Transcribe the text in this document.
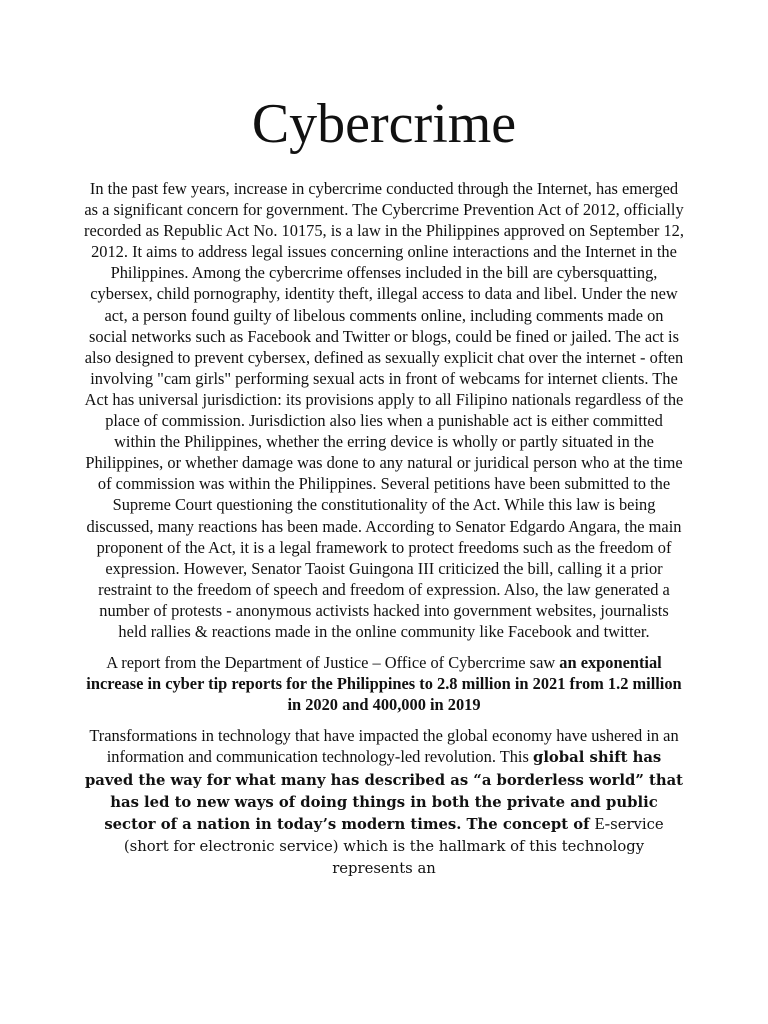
Cybercrime

In the past few years, increase in cybercrime conducted through the Internet, has emerged as a significant concern for government. The Cybercrime Prevention Act of 2012, officially recorded as Republic Act No. 10175, is a law in the Philippines approved on September 12, 2012. It aims to address legal issues concerning online interactions and the Internet in the Philippines. Among the cybercrime offenses included in the bill are cybersquatting, cybersex, child pornography, identity theft, illegal access to data and libel. Under the new act, a person found guilty of libelous comments online, including comments made on social networks such as Facebook and Twitter or blogs, could be fined or jailed. The act is also designed to prevent cybersex, defined as sexually explicit chat over the internet - often involving "cam girls" performing sexual acts in front of webcams for internet clients. The Act has universal jurisdiction: its provisions apply to all Filipino nationals regardless of the place of commission. Jurisdiction also lies when a punishable act is either committed within the Philippines, whether the erring device is wholly or partly situated in the Philippines, or whether damage was done to any natural or juridical person who at the time of commission was within the Philippines. Several petitions have been submitted to the Supreme Court questioning the constitutionality of the Act. While this law is being discussed, many reactions has been made. According to Senator Edgardo Angara, the main proponent of the Act, it is a legal framework to protect freedoms such as the freedom of expression. However, Senator Taoist Guingona III criticized the bill, calling it a prior restraint to the freedom of speech and freedom of expression. Also, the law generated a number of protests - anonymous activists hacked into government websites, journalists held rallies & reactions made in the online community like Facebook and twitter.

A report from the Department of Justice – Office of Cybercrime saw an exponential increase in cyber tip reports for the Philippines to 2.8 million in 2021 from 1.2 million in 2020 and 400,000 in 2019

Transformations in technology that have impacted the global economy have ushered in an information and communication technology-led revolution. This global shift has paved the way for what many has described as “a borderless world” that has led to new ways of doing things in both the private and public sector of a nation in today’s modern times. The concept of E-service (short for electronic service) which is the hallmark of this technology represents an
